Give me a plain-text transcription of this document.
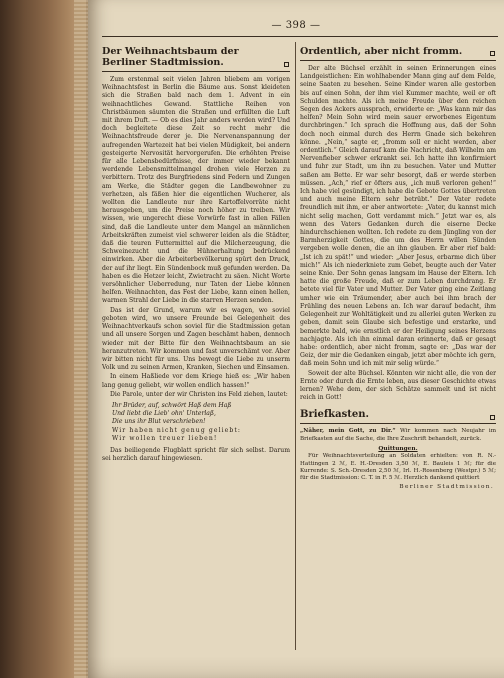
— 398 —
Der Weihnachtsbaum der Berliner Stadtmission.

Zum erstenmal seit vielen Jahren bliebem am vorigen Weihnachtsfest in Berlin die Bäume aus. Sonst kleideten sich die Straßen bald nach dem 1. Advent in ein weihnachtliches Gewand. Stattliche Reihen von Christbäumen säumten die Straßen und erfüllten die Luft mit ihrem Duft. — Ob es dies Jahr anders werden wird? Und doch begleitete diese Zeit so recht mehr die Weihnachtsfreude derer je. Die Nervenanspannung der aufregenden Wartezeit hat bei vielen Müdigkeit, bei andern gesteigerte Nervosität hervorgerufen. Die erhöhten Preise für alle Lebensbedürfnisse, der immer wieder bekannt werdende Lebensmittelmangel drohen viele Herzen zu verbittern. Trotz des Burgfriedens sind Federn und Zungen am Werke, die Städter gegen die Landbewohner zu verhetzen, als fäßen hier die eigentlichen Wucherer, als wollten die Landleute nur ihre Kartoffelvorräte nicht herausgeben, um die Preise noch höher zu treiben. Wir wissen, wie ungerecht diese Vorwürfe fast in allen Fällen sind, daß die Landleute unter dem Mangel an männlichen Arbeitskräften zumeist viel schwerer leiden als die Städter, daß die teuren Futtermittel auf die Milcherzeugung, die Schweinezucht und die Hühnerhaltung bedrückend einwirken. Aber die Arbeiterbevölkerung spürt den Druck, der auf ihr liegt. Ein Sündenbock muß gefunden werden. Da haben es die Hetzer leicht, Zwietracht zu säen. Nicht Worte versöhnlicher Ueberredung, nur Taten der Liebe können helfen. Weihnachten, das Fest der Liebe, kann einen hellen, warmen Strahl der Liebe in die starren Herzen senden.

Das ist der Grund, warum wir es wagen, wo soviel geboten wird, wo unsere Freunde bei Gelegenheit des Weihnachtverkaufs schon soviel für die Stadtmission getan und all unsere Sorgen und Zagen beschämt haben, dennoch wieder mit der Bitte für den Weihnachtsbaum an sie heranzutreten. Wir kommen und fast unverschämt vor. Aber wir bitten nicht für uns. Uns bewegt die Liebe zu unserm Volk und zu seinen Armen, Kranken, Siechen und Einsamen.

In einem Haßliede vor dem Kriege hieß es: „Wir haben lang genug geliebt, wir wollen endlich hassen!“

Die Parole, unter der wir Christen ins Feld ziehen, lautet:

Ihr Brüder, auf, schwört Haß dem Haß
Und liebt die Lieb' ohn' Unterlaß,
Die uns ihr Blut verschrieben!
Wir haben nicht genug geliebt:
Wir wollen treuer lieben!

Das beiliegende Flugblatt spricht für sich selbst. Darum sei herzlich darauf hingewiesen.

Ordentlich, aber nicht fromm.

Der alte Büchsel erzählt in seinen Erinnerungen eines Landgeistlichen: Ein wohlhabender Mann ging auf dem Felde, seine Saaten zu besehen. Seine Kinder waren alle gestorben bis auf einen Sohn, der ihm viel Kummer machte, weil er oft Schulden machte. Als ich meine Freude über den reichen Segen des Ackers aussprach, erwiderte er: „Was kann mir das helfen? Mein Sohn wird mein sauer erworbenes Eigentum durchbringen.“ Ich sprach die Hoffnung aus, daß der Sohn doch noch einmal durch des Herrn Gnade sich bekehren könne. „Nein,“ sagte er, „fromm soll er nicht werden, aber ordentlich.“ Gleich darauf kam die Nachricht, daß Wilhelm am Nervenfieber schwer erkrankt sei. Ich hatte ihn konfirmiert und fuhr zur Stadt, um ihn zu besuchen. Vater und Mutter saßen am Bette. Er war sehr besorgt, daß er werde sterben müssen. „Ach,“ rief er öfters aus, „ich muß verloren gehen!“ Ich habe viel gesündigt, ich habe die Gebote Gottes übertreten und auch meine Eltern sehr betrübt.“ Der Vater redete freundlich mit ihm, er aber antwortete: „Vater, du kannst mich nicht selig machen, Gott verdammt mich.“ Jetzt war es, als wenn des Vaters Gedanken durch die eiserne Decke hindurchschienen wollten. Ich redete zu dem Jüngling von der Barmherzigkeit Gottes, die um des Herrn willen Sünden vergeben wolle denen, die an ihn glauben. Er aber rief bald: „Ist ich zu spät!“ und wieder: „Aber Jesus, erbarme dich über mich!“ Als ich niederkniete zum Gebet, beugte auch der Vater seine Knie. Der Sohn genas langsam im Hause der Eltern. Ich hatte die große Freude, daß er zum Leben durchdrang. Er betete viel für Vater und Mutter. Der Vater ging eine Zeitlang umher wie ein Träumender, aber auch bei ihm brach der Frühling des neuen Lebens an. Ich war darauf bedacht, ihm Gelegenheit zur Wohltätigkeit und zu allerlei guten Werken zu geben, damit sein Glaube sich befestige und erstarke, und bemerkte bald, wie ernstlich er der Heiligung seines Herzens nachjagte. Als ich ihn einmal daran erinnerte, daß er gesagt habe: ordentlich, aber nicht fromm, sagte er: „Das war der Geiz, der mir die Gedanken eingab, jetzt aber möchte ich gern, daß mein Sohn und ich mit mir selig würde.“

Soweit der alte Büchsel. Könnten wir nicht alle, die von der Ernte oder durch die Ernte leben, aus dieser Geschichte etwas lernen? Wehe dem, der sich Schätze sammelt und ist nicht reich in Gott!

Briefkasten.

„Näher, mein Gott, zu Dir.“ Wir kommen nach Neujahr im Briefkasten auf die Sache, die Ihre Zuschrift behandelt, zurück.

Quittungen.

Für Weihnachtsverteilung an Soldaten erhielten: von R. N.-Hattingen 2 ℳ, E. H.-Dresden 3,50 ℳ, E. Bauleis 1 ℳ; für die Kurrende: S. Sch.-Dresden 2,50 ℳ, Irl. H.-Rosenberg (Westpr.) 5 ℳ; für die Stadtmission: C. T. in F. 5 ℳ. Herzlich dankend quittiert

Berliner Stadtmission.
